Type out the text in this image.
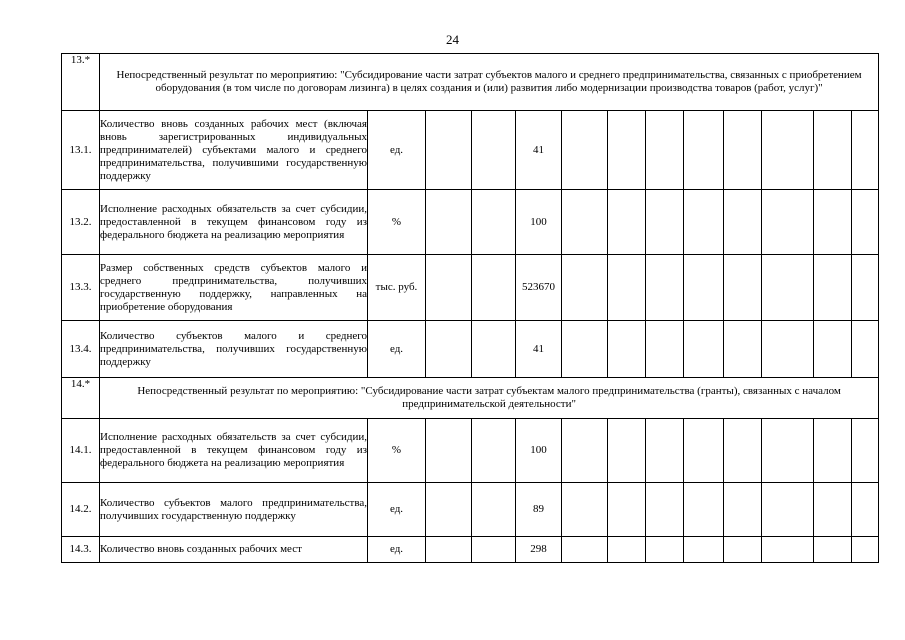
24
13.*	Непосредственный результат по мероприятию: "Субсидирование части затрат субъектов малого и среднего предпринимательства, связанных с приобретением оборудования (в том числе по договорам лизинга) в целях создания и (или) развития либо модернизации производства товаров (работ, услуг)"												
13.1.	Количество вновь созданных рабочих мест (включая вновь зарегистрированных индивидуальных предпринимателей) субъектами малого и среднего предпринимательства, получившими государственную поддержку	ед.			41								
13.2.	Исполнение расходных обязательств за счет субсидии, предоставленной в текущем финансовом году из федерального бюджета на реализацию мероприятия	%			100								
13.3.	Размер собственных средств субъектов малого и среднего предпринимательства, получивших государственную поддержку, направленных на приобретение оборудования	тыс. руб.			523670								
13.4.	Количество субъектов малого и среднего предпринимательства, получивших государственную поддержку	ед.			41								
14.*	Непосредственный результат по мероприятию: "Субсидирование части затрат субъектам малого предпринимательства (гранты), связанных с началом предпринимательской деятельности"												
14.1.	Исполнение расходных обязательств за счет субсидии, предоставленной в текущем финансовом году из федерального бюджета на реализацию мероприятия	%			100								
14.2.	Количество субъектов малого предпринимательства, получивших государственную поддержку	ед.			89								
14.3.	Количество вновь созданных рабочих мест	ед.			298								
